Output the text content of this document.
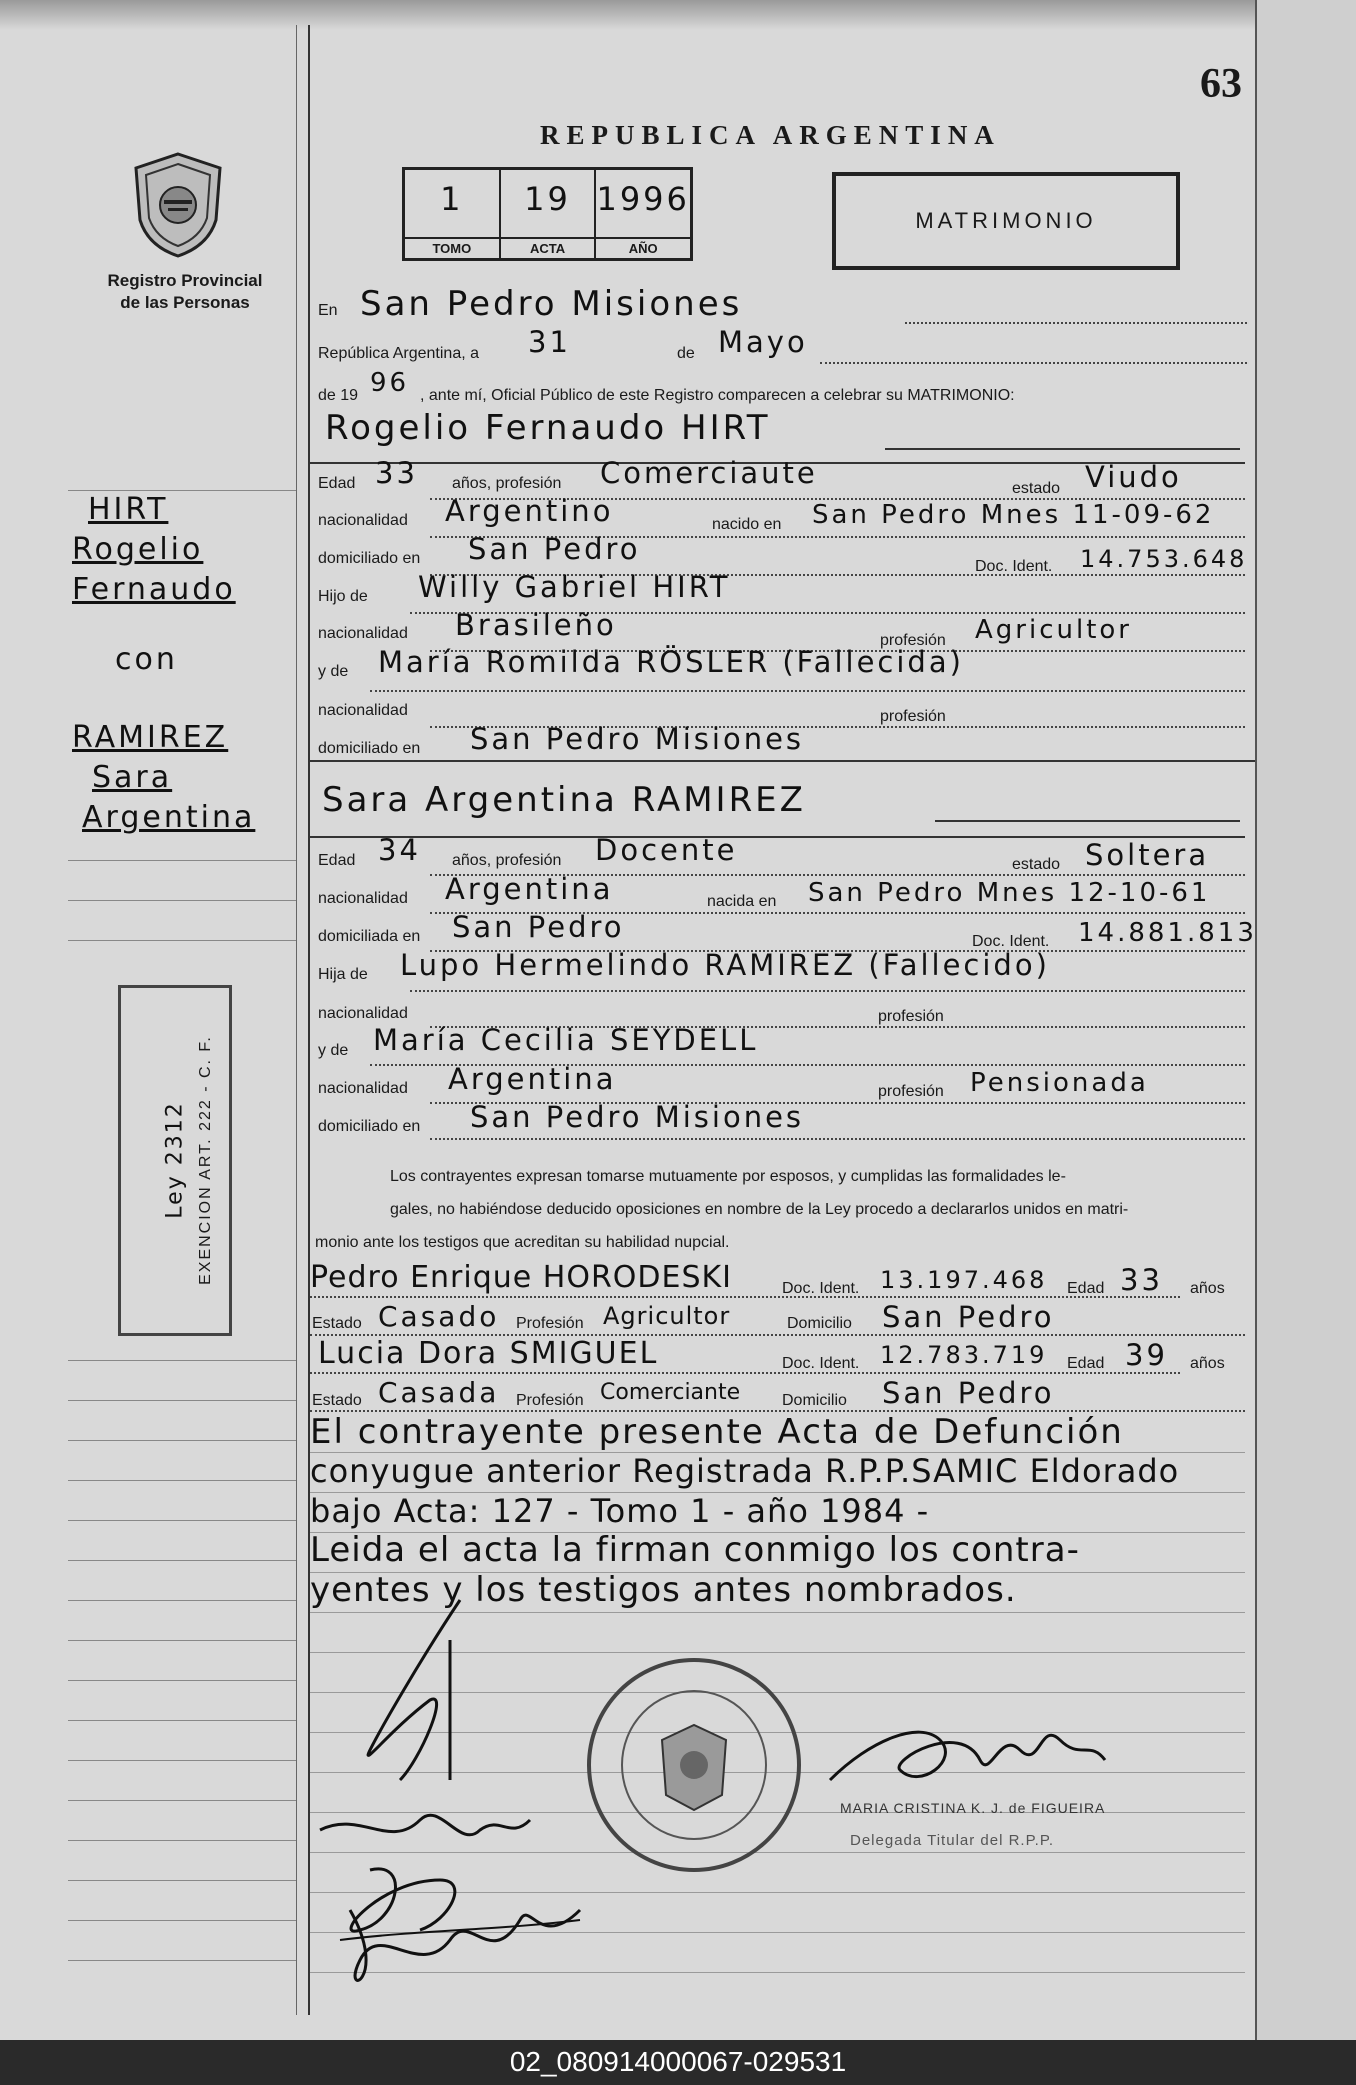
63
REPUBLICA ARGENTINA
Registro Provincial
de las Personas
1
TOMO
19
ACTA
1996
AÑO
MATRIMONIO
HIRT
Rogelio
Fernaudo
con
RAMIREZ
Sara
Argentina
Ley 2312 EXENCION ART. 222 - C. F.
En San Pedro Misiones
República Argentina, a 31	de Mayo
de 19 96 , ante mí, Oficial Público de este Registro comparecen a celebrar su MATRIMONIO:
Rogelio Fernaudo HIRT
Edad 33 años, profesión Comerciaute	estado Viudo
nacionalidad Argentino	nacido en San Pedro Mnes 11-09-62
domiciliado en San Pedro
Doc. Ident. 14.753.648
Hijo de Willy Gabriel HIRT
nacionalidad Brasileño	profesión Agricultor
y de María Romilda RÖSLER (Fallecida)
nacionalidad	profesión
domiciliado en San Pedro Misiones
Sara Argentina RAMIREZ
Edad 34 años, profesión Docente	estado Soltera
nacionalidad Argentina	nacida en San Pedro Mnes 12-10-61
domiciliada en San Pedro	Doc. Ident. 14.881.813
Hija de Lupo Hermelindo RAMIREZ (Fallecido)
nacionalidad	profesión
y de María Cecilia SEYDELL
nacionalidad Argentina	profesión Pensionada
domiciliado en San Pedro Misiones
Los contrayentes expresan tomarse mutuamente por esposos, y cumplidas las formalidades le-
gales, no habiéndose deducido oposiciones en nombre de la Ley procedo a declararlos unidos en matri-
monio ante los testigos que acreditan su habilidad nupcial.
Pedro Enrique HORODESKI	Doc. Ident. 13.197.468 Edad 33 años
Estado Casado Profesión Agricultor	Domicilio San Pedro
Lucia Dora SMIGUEL	Doc. Ident. 12.783.719 Edad 39 años
Estado Casada Profesión Comerciante	Domicilio San Pedro
El contrayente presente Acta de Defunción
conyugue anterior Registrada R.P.P.SAMIC Eldorado
bajo Acta: 127 - Tomo 1 - año 1984 -
Leida el acta la firman conmigo los contra-
yentes y los testigos antes nombrados.
MARIA CRISTINA K. J. de FIGUEIRA
Delegada Titular del R.P.P.
02_080914000067-029531
